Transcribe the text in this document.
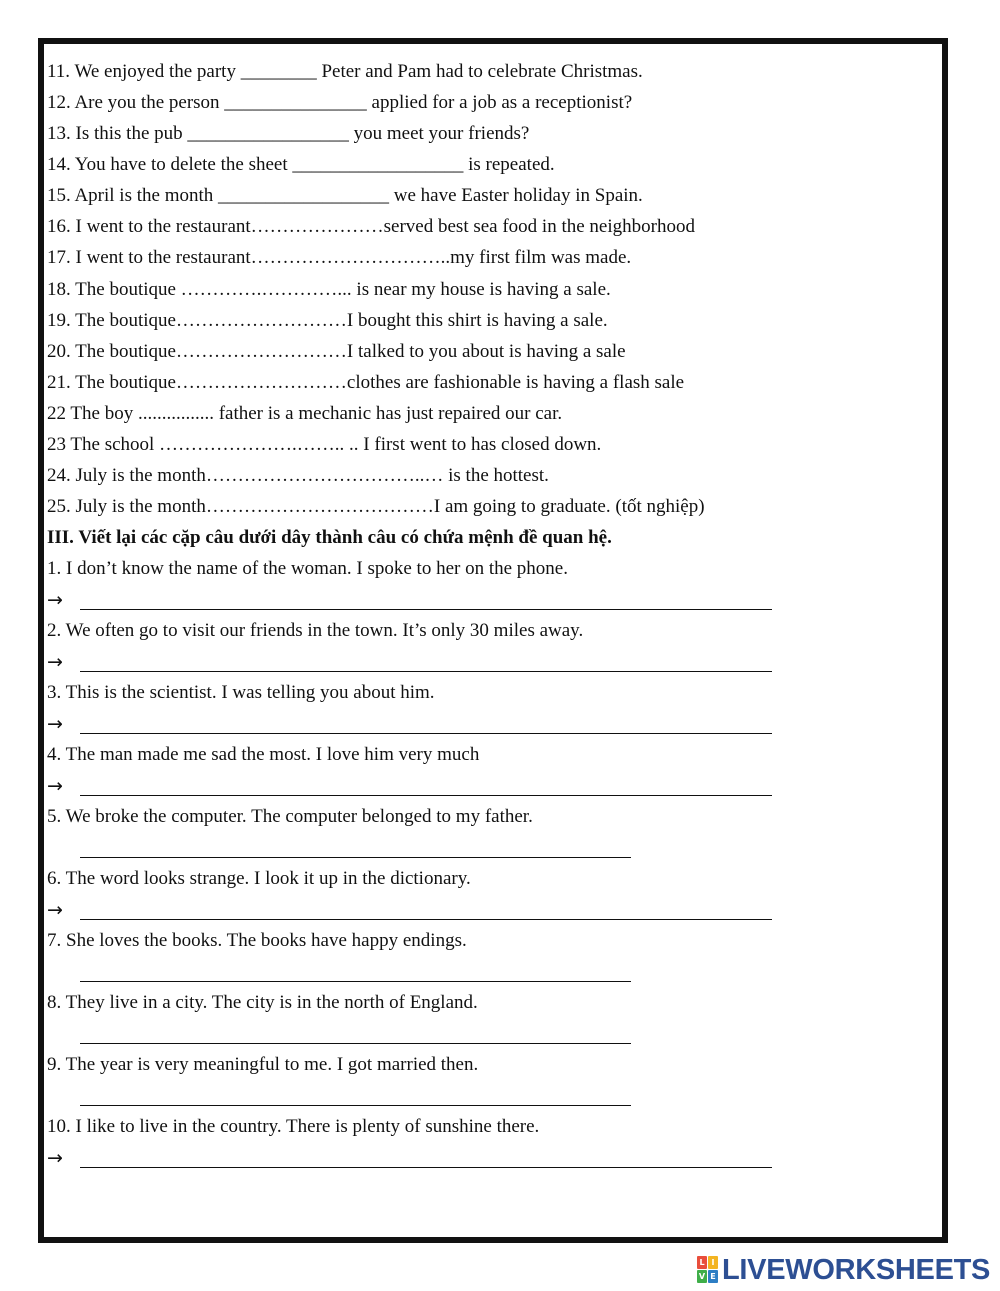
11. We enjoyed the party ________ Peter and Pam had to celebrate Christmas.
12. Are you the person _______________ applied for a job as a receptionist?
13. Is this the pub _________________ you meet your friends?
14. You have to delete the sheet __________________ is repeated.
15. April is the month __________________ we have Easter holiday in Spain.
16. I went to the restaurant…………………served best sea food in the neighborhood
17. I went to the restaurant…………………………..my first film was made.
18. The boutique ………….…………... is near my house is having a sale.
19. The boutique………………………I bought this shirt is having a sale.
20. The boutique………………………I talked to you about is having a sale
21. The boutique………………………clothes are fashionable is having a flash sale
22 The boy ................ father is a mechanic has just repaired our car.
23 The school ………………….…….. .. I first went to has closed down.
24. July is the month……………………………..… is the hottest.
25. July is the month………………………………I am going to graduate. (tốt nghiệp)
III. Viết lại các cặp câu dưới dây thành câu có chứa mệnh đề quan hệ.
1. I don’t know the name of the woman. I spoke to her on the phone.
→
2. We often go to visit our friends in the town. It’s only 30 miles away.
→
3. This is the scientist. I was telling you about him.
→
4. The man made me sad the most. I love him very much
→
5. We broke the computer. The computer belonged to my father.
6. The word looks strange. I look it up in the dictionary.
→
7. She loves the books. The books have happy endings.
8. They live in a city. The city is in the north of England.
9. The year is very meaningful to me. I got married then.
10. I like to live in the country. There is plenty of sunshine there.
→
L I
V E LIVEWORKSHEETS
